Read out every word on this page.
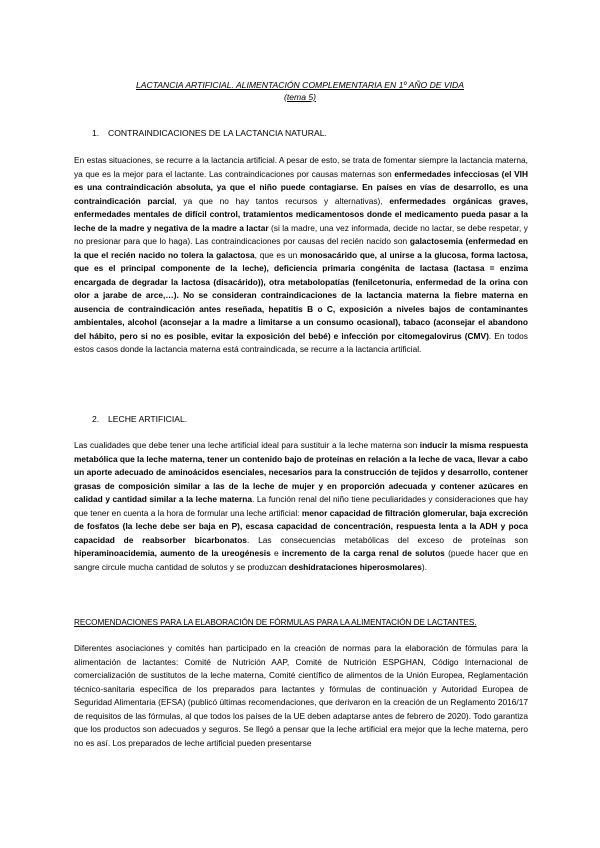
LACTANCIA ARTIFICIAL. ALIMENTACIÓN COMPLEMENTARIA EN 1º AÑO DE VIDA
(tema 5)
1. CONTRAINDICACIONES DE LA LACTANCIA NATURAL.
En estas situaciones, se recurre a la lactancia artificial. A pesar de esto, se trata de fomentar siempre la lactancia materna, ya que es la mejor para el lactante. Las contraindicaciones por causas maternas son enfermedades infecciosas (el VIH es una contraindicación absoluta, ya que el niño puede contagiarse. En países en vías de desarrollo, es una contraindicación parcial, ya que no hay tantos recursos y alternativas), enfermedades orgánicas graves, enfermedades mentales de difícil control, tratamientos medicamentosos donde el medicamento pueda pasar a la leche de la madre y negativa de la madre a lactar (si la madre, una vez informada, decide no lactar, se debe respetar, y no presionar para que lo haga). Las contraindicaciones por causas del recién nacido son galactosemia (enfermedad en la que el recién nacido no tolera la galactosa, que es un monosacárido que, al unirse a la glucosa, forma lactosa, que es el principal componente de la leche), deficiencia primaria congénita de lactasa (lactasa = enzima encargada de degradar la lactosa (disacárido)), otra metabolopatías (fenilcetonuria, enfermedad de la orina con olor a jarabe de arce,…). No se consideran contraindicaciones de la lactancia materna la fiebre materna en ausencia de contraindicación antes reseñada, hepatitis B o C, exposición a niveles bajos de contaminantes ambientales, alcohol (aconsejar a la madre a limitarse a un consumo ocasional), tabaco (aconsejar el abandono del hábito, pero si no es posible, evitar la exposición del bebé) e infección por citomegalovirus (CMV). En todos estos casos donde la lactancia materna está contraindicada, se recurre a la lactancia artificial.
2. LECHE ARTIFICIAL.
Las cualidades que debe tener una leche artificial ideal para sustituir a la leche materna son inducir la misma respuesta metabólica que la leche materna, tener un contenido bajo de proteínas en relación a la leche de vaca, llevar a cabo un aporte adecuado de aminoácidos esenciales, necesarios para la construcción de tejidos y desarrollo, contener grasas de composición similar a las de la leche de mujer y en proporción adecuada y contener azúcares en calidad y cantidad similar a la leche materna. La función renal del niño tiene peculiaridades y consideraciones que hay que tener en cuenta a la hora de formular una leche artificial: menor capacidad de filtración glomerular, baja excreción de fosfatos (la leche debe ser baja en P), escasa capacidad de concentración, respuesta lenta a la ADH y poca capacidad de reabsorber bicarbonatos. Las consecuencias metabólicas del exceso de proteínas son hiperaminoacidemia, aumento de la ureogénesis e incremento de la carga renal de solutos (puede hacer que en sangre circule mucha cantidad de solutos y se produzcan deshidrataciones hiperosmolares).
RECOMENDACIONES PARA LA ELABORACIÓN DE FÓRMULAS PARA LA ALIMENTACIÓN DE LACTANTES.
Diferentes asociaciones y comités han participado en la creación de normas para la elaboración de fórmulas para la alimentación de lactantes: Comité de Nutrición AAP, Comité de Nutrición ESPGHAN, Código Internacional de comercialización de sustitutos de la leche materna, Comité científico de alimentos de la Unión Europea, Reglamentación técnico-sanitaria específica de los preparados para lactantes y fórmulas de continuación y Autoridad Europea de Seguridad Alimentaria (EFSA) (publicó últimas recomendaciones, que derivaron en la creación de un Reglamento 2016/17 de requisitos de las fórmulas, al que todos los países de la UE deben adaptarse antes de febrero de 2020). Todo garantiza que los productos son adecuados y seguros. Se llegó a pensar que la leche artificial era mejor que la leche materna, pero no es así. Los preparados de leche artificial pueden presentarse
